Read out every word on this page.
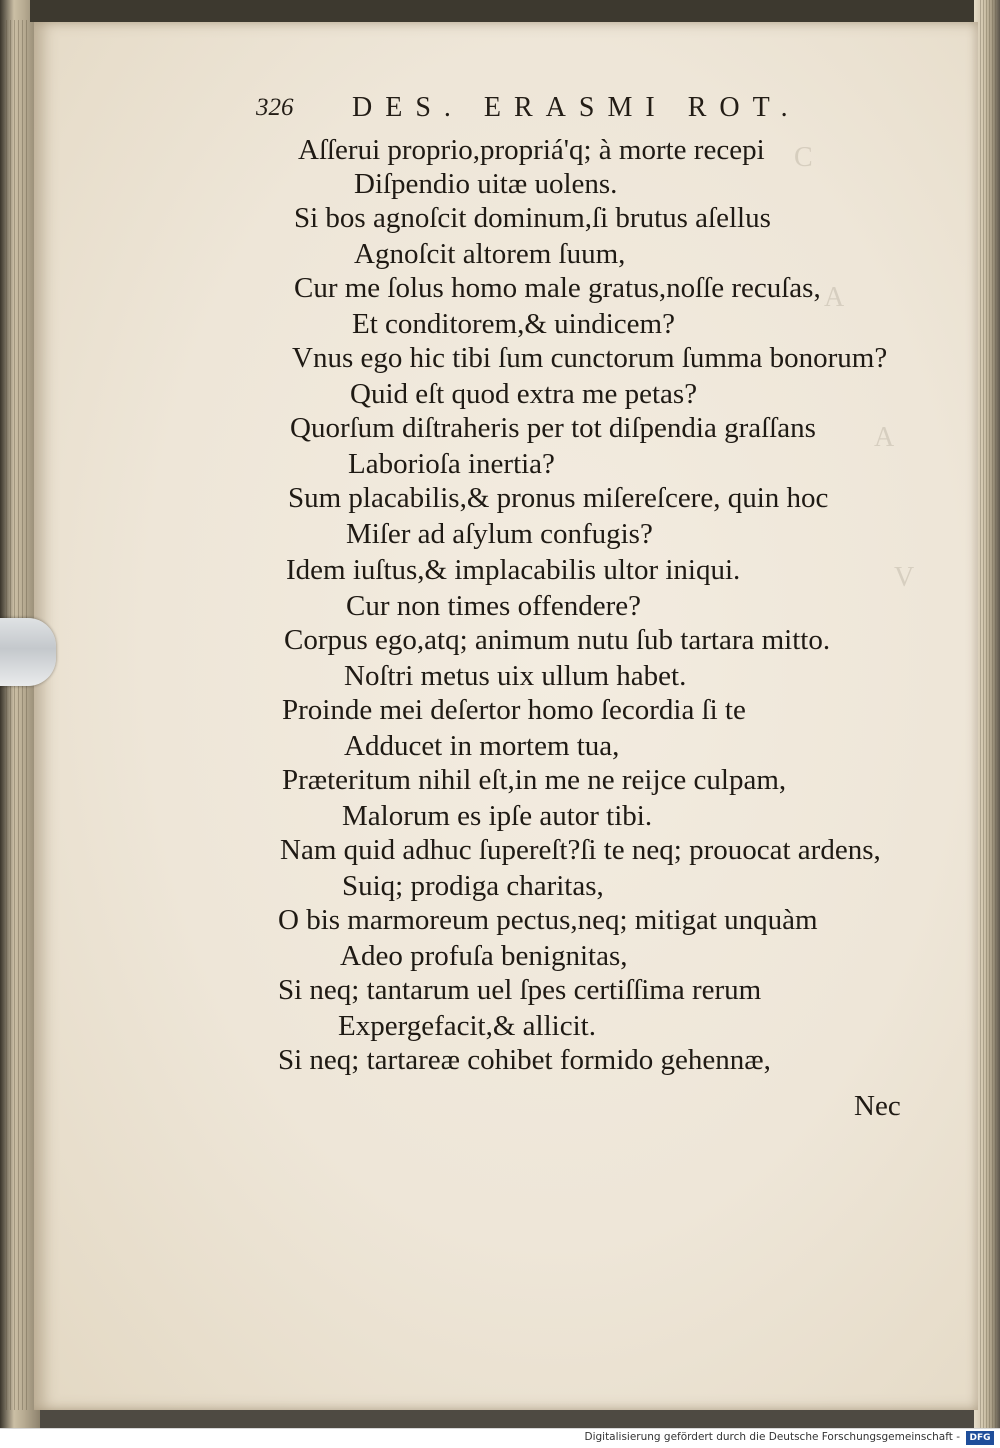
C
A
A
V
326 DES. ERASMI ROT.
Aſſerui proprio,propriá'q; à morte recepi
Diſpendio uitæ uolens.
Si bos agnoſcit dominum,ſi brutus aſellus
Agnoſcit altorem ſuum,
Cur me ſolus homo male gratus,noſſe recuſas,
Et conditorem,& uindicem?
Vnus ego hic tibi ſum cunctorum ſumma bonorum?
Quid eſt quod extra me petas?
Quorſum diſtraheris per tot diſpendia graſſans
Laborioſa inertia?
Sum placabilis,& pronus miſereſcere, quin hoc
Miſer ad aſylum confugis?
Idem iuſtus,& implacabilis ultor iniqui.
Cur non times offendere?
Corpus ego,atq; animum nutu ſub tartara mitto.
Noſtri metus uix ullum habet.
Proinde mei deſertor homo ſecordia ſi te
Adducet in mortem tua,
Præteritum nihil eſt,in me ne reijce culpam,
Malorum es ipſe autor tibi.
Nam quid adhuc ſupereſt?ſi te neq; prouocat ardens,
Suiq; prodiga charitas,
O bis marmoreum pectus,neq; mitigat unquàm
Adeo profuſa benignitas,
Si neq; tantarum uel ſpes certiſſima rerum
Expergefacit,& allicit.
Si neq; tartareæ cohibet formido gehennæ,
Nec
Digitalisierung gefördert durch die Deutsche Forschungsgemeinschaft -	DFG
